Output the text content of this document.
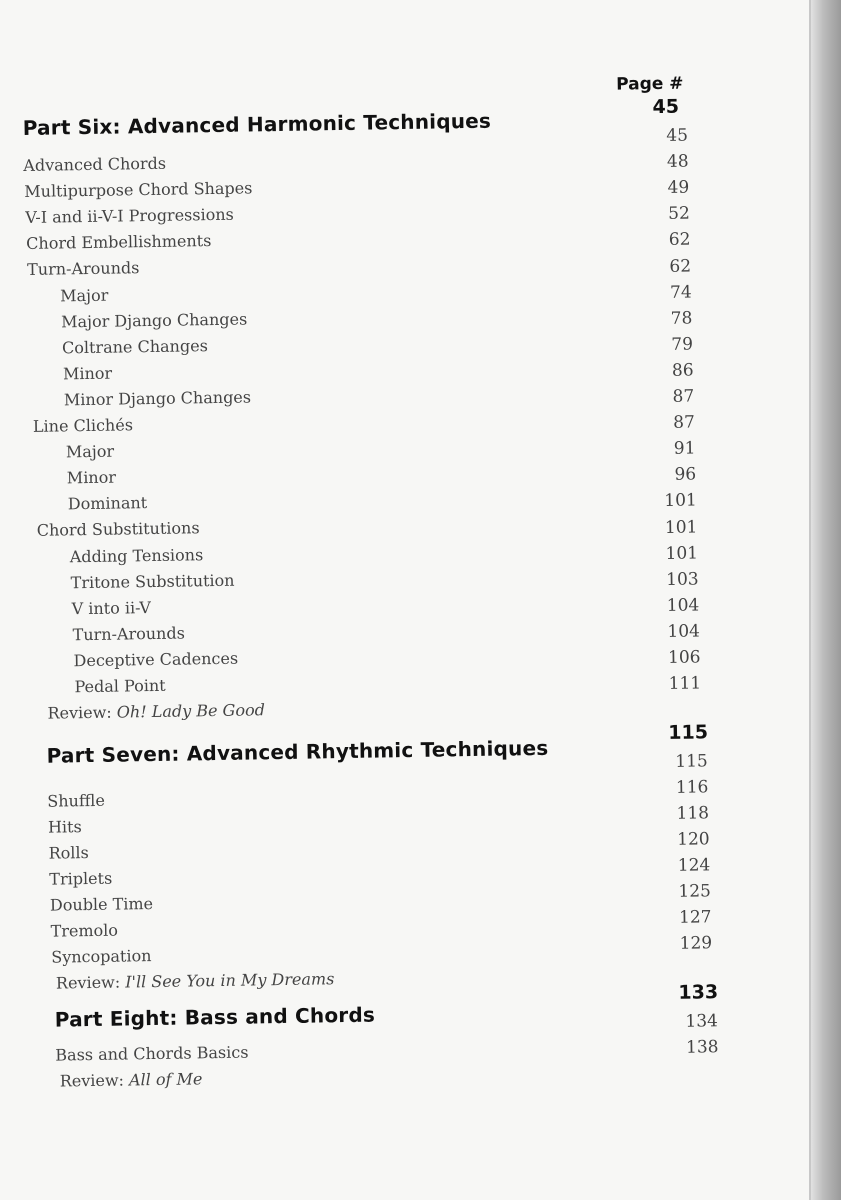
Page #
Part Six: Advanced Harmonic Techniques
45
Advanced Chords
Multipurpose Chord Shapes
V-I and ii-V-I Progressions
Chord Embellishments
Turn-Arounds
Major
Major Django Changes
Coltrane Changes
Minor
Minor Django Changes
Line Clichés
Major
Minor
Dominant
Chord Substitutions
Adding Tensions
Tritone Substitution
V into ii-V
Turn-Arounds
Deceptive Cadences
Pedal Point
Review: Oh! Lady Be Good
45
48
49
52
62
62
74
78
79
86
87
87
91
96
101
101
101
103
104
104
106
111
Part Seven: Advanced Rhythmic Techniques
115
Shuffle
Hits
Rolls
Triplets
Double Time
Tremolo
Syncopation
Review: I'll See You in My Dreams
115
116
118
120
124
125
127
129
Part Eight: Bass and Chords
133
Bass and Chords Basics
Review: All of Me
134
138
